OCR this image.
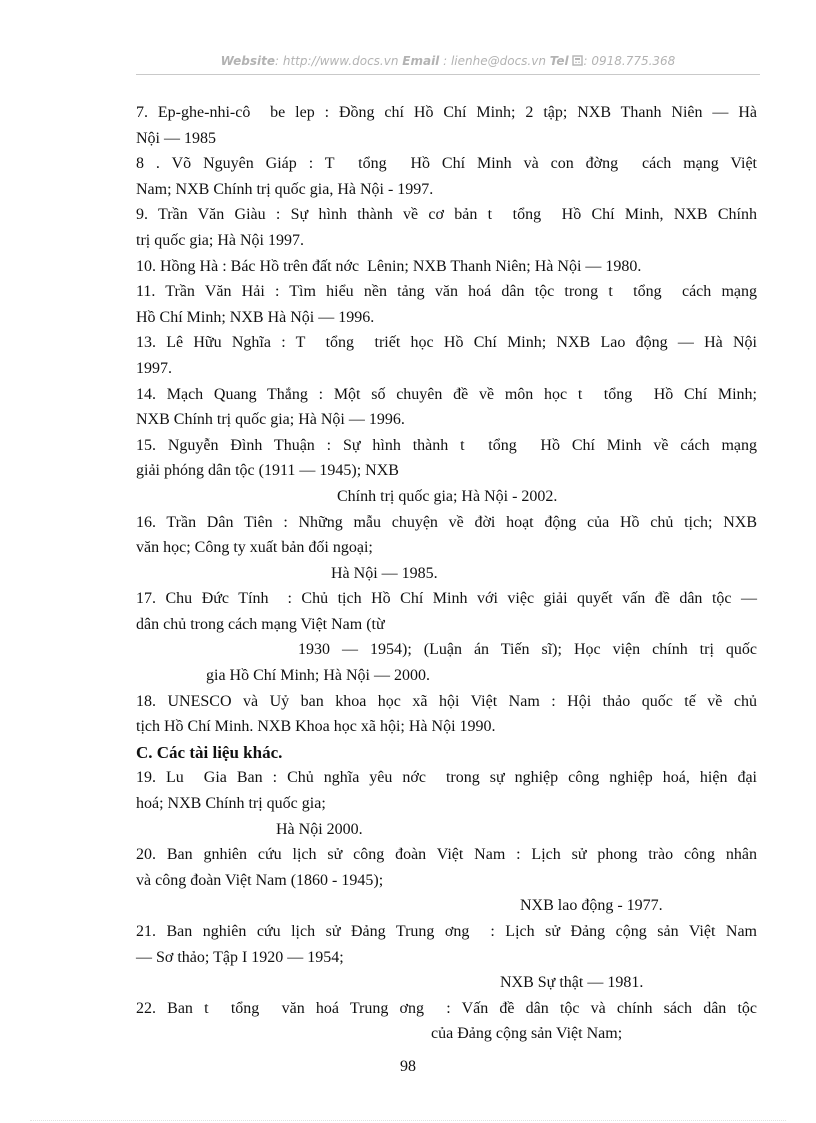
Website: http://www.docs.vn Email : lienhe@docs.vn Tel : 0918.775.368
7. Ep-ghe-nhi-cô  be lep : Đồng chí Hồ Chí Minh; 2 tập; NXB Thanh Niên — Hà
Nội — 1985
8 . Võ Nguyên Giáp : T  tổng  Hồ Chí Minh và con đờng  cách mạng Việt
Nam; NXB Chính trị quốc gia, Hà Nội - 1997.
9. Trần Văn Giàu : Sự hình thành về cơ bản t  tổng  Hồ Chí Minh, NXB Chính
trị quốc gia; Hà Nội 1997.
10. Hồng Hà : Bác Hồ trên đất nớc  Lênin; NXB Thanh Niên; Hà Nội — 1980.
11. Trần Văn Hải : Tìm hiểu nền tảng văn hoá dân tộc trong t  tổng  cách mạng
Hồ Chí Minh; NXB Hà Nội — 1996.
13. Lê Hữu Nghĩa : T  tổng  triết học Hồ Chí Minh; NXB Lao động — Hà Nội
1997.
14. Mạch Quang Thắng : Một số chuyên đề về môn học t  tổng  Hồ Chí Minh;
NXB Chính trị quốc gia; Hà Nội — 1996.
15. Nguyễn Đình Thuận : Sự hình thành t  tổng  Hồ Chí Minh về cách mạng
giải phóng dân tộc (1911 — 1945); NXB
Chính trị quốc gia; Hà Nội - 2002.
16. Trần Dân Tiên : Những mẫu chuyện về đời hoạt động của Hồ chủ tịch; NXB
văn học; Công ty xuất bản đối ngoại;
Hà Nội — 1985.
17. Chu Đức Tính  : Chủ tịch Hồ Chí Minh với việc giải quyết vấn đề dân tộc —
dân chủ trong cách mạng Việt Nam (từ
1930 — 1954); (Luận án Tiến sĩ); Học viện chính trị quốc
gia Hồ Chí Minh; Hà Nội — 2000.
18. UNESCO và Uỷ ban khoa học xã hội Việt Nam : Hội thảo quốc tế về chủ
tịch Hồ Chí Minh. NXB Khoa học xã hội; Hà Nội 1990.
C. Các tài liệu khác.
19. Lu  Gia Ban : Chủ nghĩa yêu nớc  trong sự nghiệp công nghiệp hoá, hiện đại
hoá; NXB Chính trị quốc gia;
Hà Nội 2000.
20. Ban gnhiên cứu lịch sử công đoàn Việt Nam : Lịch sử phong trào công nhân
và công đoàn Việt Nam (1860 - 1945);
NXB lao động - 1977.
21. Ban nghiên cứu lịch sử Đảng Trung ơng  : Lịch sử Đảng cộng sản Việt Nam
— Sơ thảo; Tập I 1920 — 1954;
NXB Sự thật — 1981.
22. Ban t  tổng  văn hoá Trung ơng  : Vấn đề dân tộc và chính sách dân tộc
của Đảng cộng sản Việt Nam;
98
